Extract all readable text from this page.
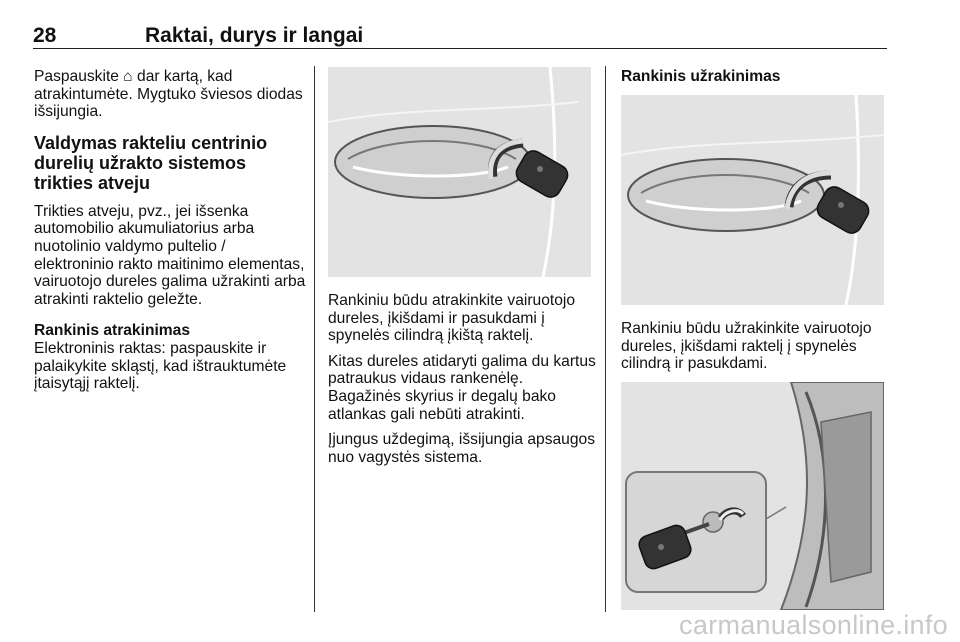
28	Raktai, durys ir langai

Paspauskite ⌂ dar kartą, kad atrakintumėte. Mygtuko šviesos diodas išsijungia.

Valdymas rakteliu centrinio durelių užrakto sistemos trikties atveju

Trikties atveju, pvz., jei išsenka automobilio akumuliatorius arba nuotolinio valdymo pultelio / elektroninio rakto maitinimo elementas, vairuotojo dureles galima užrakinti arba atrakinti raktelio geležte.

Rankinis atrakinimas

Elektroninis raktas: paspauskite ir palaikykite skląstį, kad ištrauktumėte įtaisytąjį raktelį.

Rankiniu būdu atrakinkite vairuotojo dureles, įkišdami ir pasukdami į spynelės cilindrą įkištą raktelį.

Kitas dureles atidaryti galima du kartus patraukus vidaus rankenėlę. Bagažinės skyrius ir degalų bako atlankas gali nebūti atrakinti.

Įjungus uždegimą, išsijungia apsaugos nuo vagystės sistema.

Rankinis užrakinimas

Rankiniu būdu užrakinkite vairuotojo dureles, įkišdami raktelį į spynelės cilindrą ir pasukdami.

carmanualsonline.info
